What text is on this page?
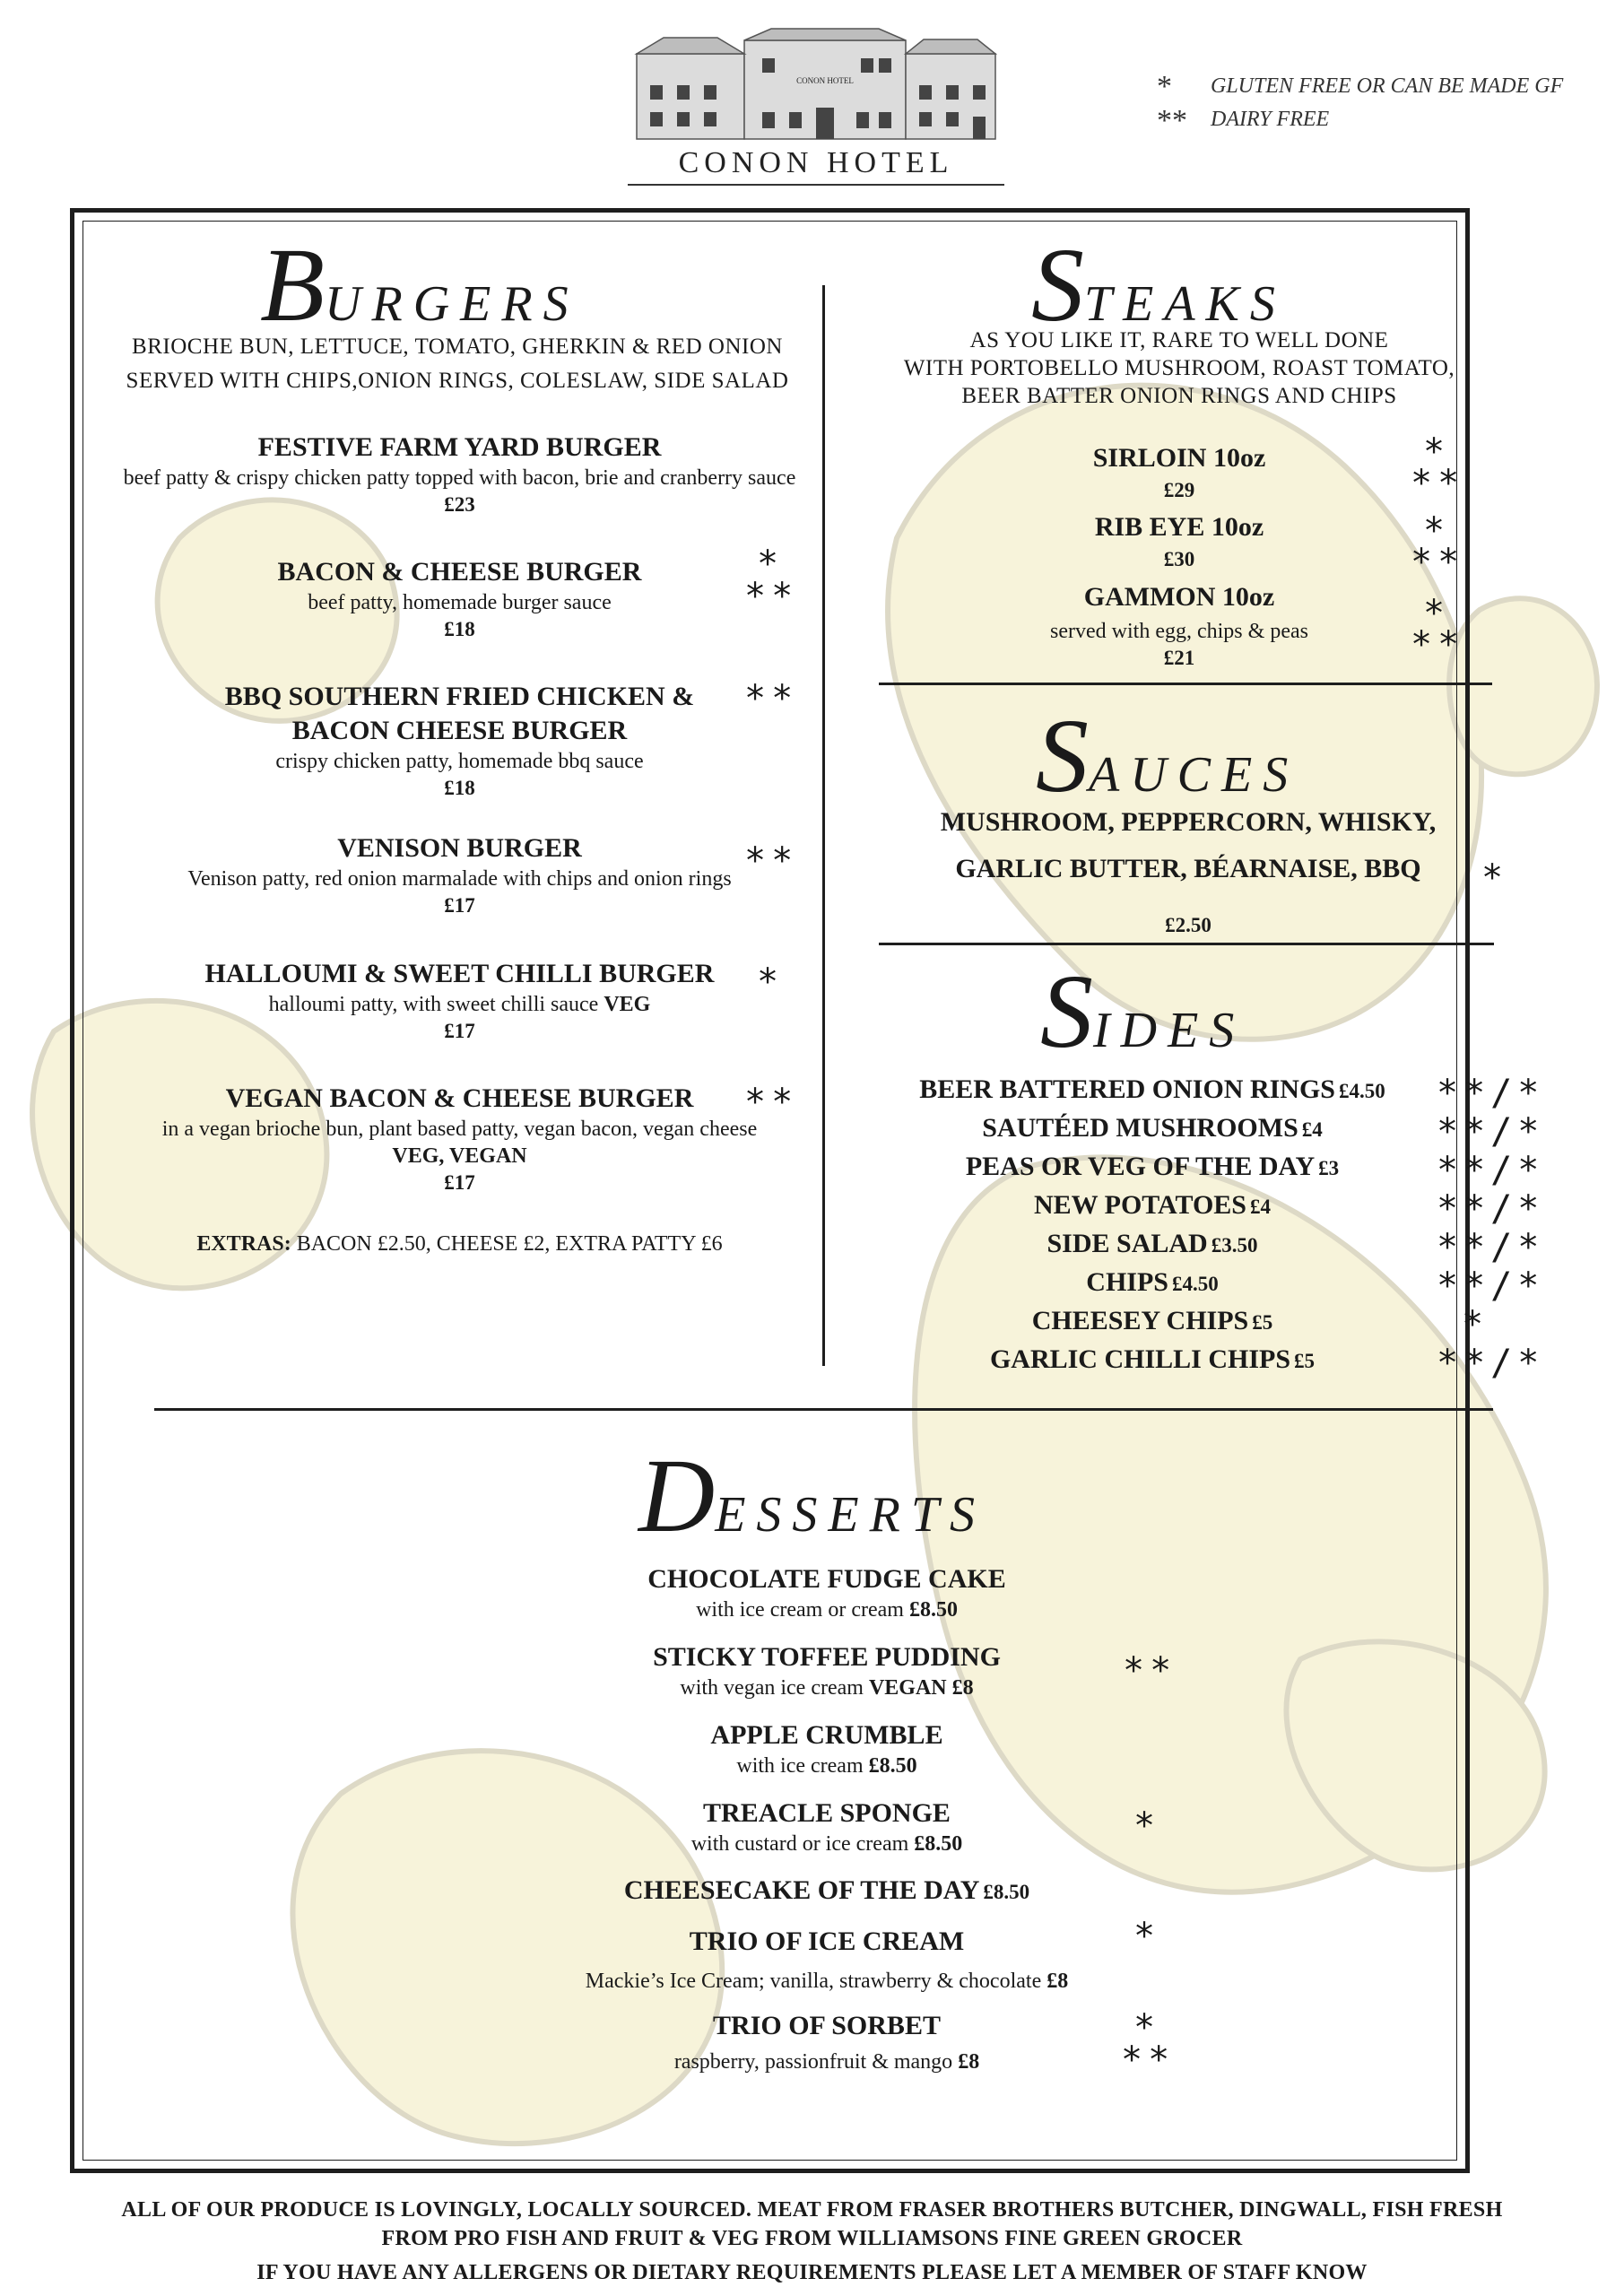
CONON HOTEL
CONON HOTEL
* GLUTEN FREE OR CAN BE MADE GF
** DAIRY FREE
BURGERS
BRIOCHE BUN, LETTUCE, TOMATO, GHERKIN & RED ONION
SERVED WITH CHIPS,ONION RINGS, COLESLAW, SIDE SALAD
FESTIVE FARM YARD BURGER
beef patty & crispy chicken patty topped with bacon, brie and cranberry sauce
£23
BACON & CHEESE BURGER
beef patty, homemade burger sauce
£18
*
**
BBQ SOUTHERN FRIED CHICKEN &
BACON CHEESE BURGER
crispy chicken patty, homemade bbq sauce
£18
**
VENISON BURGER
Venison patty, red onion marmalade with chips and onion rings
£17
**
HALLOUMI & SWEET CHILLI BURGER
halloumi patty, with sweet chilli sauce VEG
£17
*
VEGAN BACON & CHEESE BURGER
in a vegan brioche bun, plant based patty, vegan bacon, vegan cheese
VEG, VEGAN
£17
**
EXTRAS: BACON £2.50, CHEESE £2, EXTRA PATTY £6
STEAKS
AS YOU LIKE IT, RARE TO WELL DONE
WITH PORTOBELLO MUSHROOM, ROAST TOMATO,
BEER BATTER ONION RINGS AND CHIPS
SIRLOIN 10oz
£29
*
**
RIB EYE 10oz
£30
*
**
GAMMON 10oz
served with egg, chips & peas
£21
*
**
SAUCES
MUSHROOM, PEPPERCORN, WHISKY,
GARLIC BUTTER, BÉARNAISE, BBQ	*
£2.50
SIDES
BEER BATTERED ONION RINGS £4.50	**/*
SAUTÉED MUSHROOMS £4	**/*
PEAS OR VEG OF THE DAY £3	**/*
NEW POTATOES £4	**/*
SIDE SALAD £3.50	**/*
CHIPS £4.50	**/*
CHEESEY CHIPS £5	*
GARLIC CHILLI CHIPS £5	**/*
DESSERTS
CHOCOLATE FUDGE CAKE
with ice cream or cream £8.50
STICKY TOFFEE PUDDING
with vegan ice cream VEGAN £8	**
APPLE CRUMBLE
with ice cream £8.50
TREACLE SPONGE
with custard or ice cream £8.50	*
CHEESECAKE OF THE DAY £8.50
TRIO OF ICE CREAM
Mackie’s Ice Cream; vanilla, strawberry & chocolate £8
*
TRIO OF SORBET
raspberry, passionfruit & mango £8
*
**
ALL OF OUR PRODUCE IS LOVINGLY, LOCALLY SOURCED. MEAT FROM FRASER BROTHERS BUTCHER, DINGWALL, FISH FRESH
FROM PRO FISH AND FRUIT & VEG FROM WILLIAMSONS FINE GREEN GROCER
IF YOU HAVE ANY ALLERGENS OR DIETARY REQUIREMENTS PLEASE LET A MEMBER OF STAFF KNOW
